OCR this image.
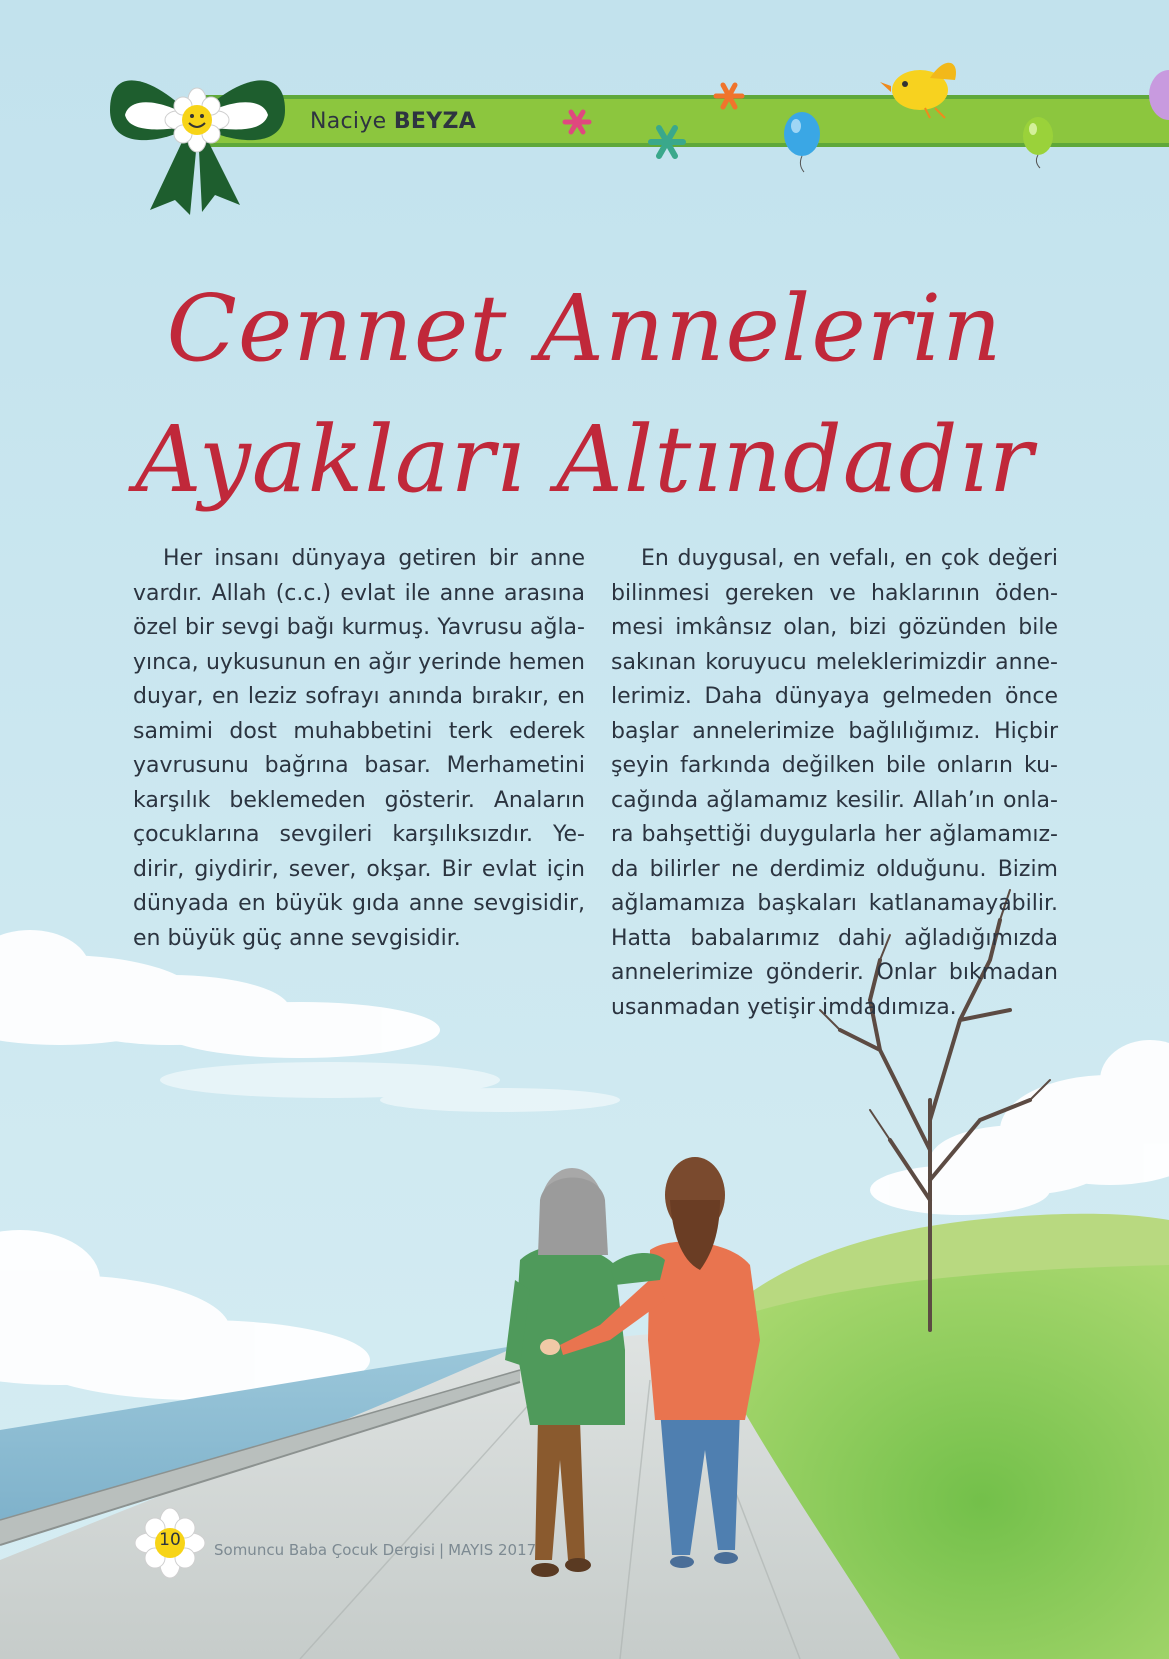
Naciye BEYZA
Cennet Annelerin
Ayakları Altındadır

Her insanı dünyaya getiren bir anne vardır. Allah (c.c.) evlat ile anne arasına özel bir sevgi bağı kurmuş. Yavrusu ağlayınca, uykusunun en ağır yerinde hemen duyar, en leziz sofrayı anında bırakır, en samimi dost muhabbetini terk ederek yavrusunu bağrına basar. Merhametini karşılık beklemeden gösterir. Anaların çocuklarına sevgileri karşılıksızdır. Yedirir, giydirir, sever, okşar. Bir evlat için dünyada en büyük gıda anne sevgisidir, en büyük güç anne sevgisidir.

En duygusal, en vefalı, en çok değeri bilinmesi gereken ve haklarının ödenmesi imkânsız olan, bizi gözünden bile sakınan koruyucu meleklerimizdir annelerimiz. Daha dünyaya gelmeden önce başlar annelerimize bağlılığımız. Hiçbir şeyin farkında değilken bile onların kucağında ağlamamız kesilir. Allah’ın onlara bahşettiği duygularla her ağlamamızda bilirler ne derdimiz olduğunu. Bizim ağlamamıza başkaları katlanamayabilir. Hatta babalarımız dahi ağladığımızda annelerimize gönderir. Onlar bıkmadan usanmadan yetişir imdadımıza.

10	Somuncu Baba Çocuk Dergisi | MAYIS 2017
